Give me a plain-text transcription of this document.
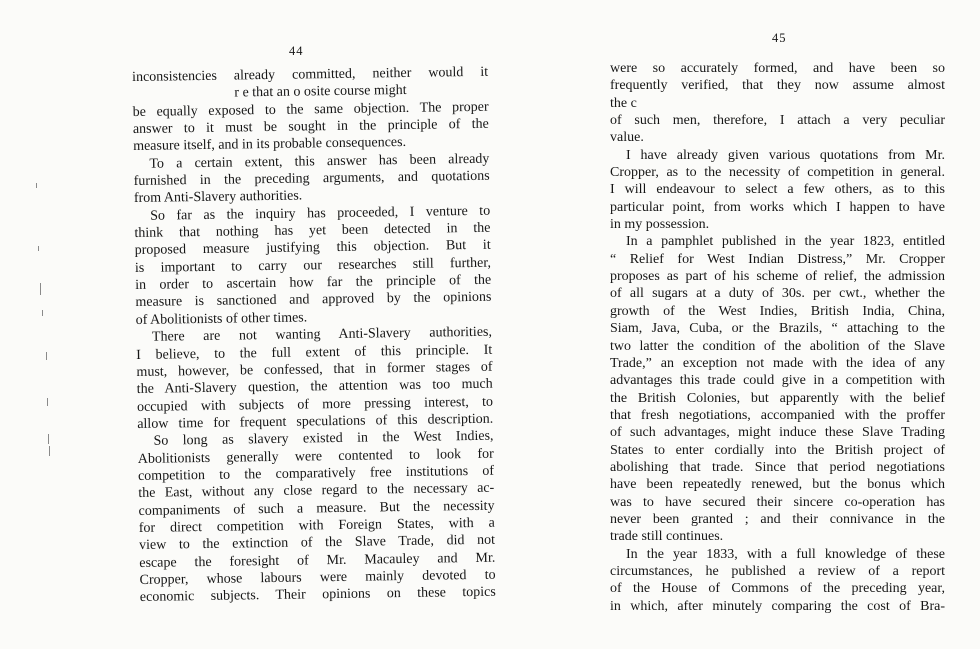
44
inconsistencies already committed, neither would it
r e that an o osite course might
be equally exposed to the same objection. The proper
answer to it must be sought in the principle of the
measure itself, and in its probable consequences.
To a certain extent, this answer has been already
furnished in the preceding arguments, and quotations
from Anti-Slavery authorities.
So far as the inquiry has proceeded, I venture to
think that nothing has yet been detected in the
proposed measure justifying this objection. But it
is important to carry our researches still further,
in order to ascertain how far the principle of the
measure is sanctioned and approved by the opinions
of Abolitionists of other times.
There are not wanting Anti-Slavery authorities,
I believe, to the full extent of this principle. It
must, however, be confessed, that in former stages of
the Anti-Slavery question, the attention was too much
occupied with subjects of more pressing interest, to
allow time for frequent speculations of this description.
So long as slavery existed in the West Indies,
Abolitionists generally were contented to look for
competition to the comparatively free institutions of
the East, without any close regard to the necessary ac-
companiments of such a measure. But the necessity
for direct competition with Foreign States, with a
view to the extinction of the Slave Trade, did not
escape the foresight of Mr. Macauley and Mr.
Cropper, whose labours were mainly devoted to
economic subjects. Their opinions on these topics
45
were so accurately formed, and have been so
frequently verified, that they now assume almost
the c
of such men, therefore, I attach a very peculiar
value.
I have already given various quotations from Mr.
Cropper, as to the necessity of competition in general.
I will endeavour to select a few others, as to this
particular point, from works which I happen to have
in my possession.
In a pamphlet published in the year 1823, entitled
“ Relief for West Indian Distress,” Mr. Cropper
proposes as part of his scheme of relief, the admission
of all sugars at a duty of 30s. per cwt., whether the
growth of the West Indies, British India, China,
Siam, Java, Cuba, or the Brazils, “ attaching to the
two latter the condition of the abolition of the Slave
Trade,” an exception not made with the idea of any
advantages this trade could give in a competition with
the British Colonies, but apparently with the belief
that fresh negotiations, accompanied with the proffer
of such advantages, might induce these Slave Trading
States to enter cordially into the British project of
abolishing that trade. Since that period negotiations
have been repeatedly renewed, but the bonus which
was to have secured their sincere co-operation has
never been granted ; and their connivance in the
trade still continues.
In the year 1833, with a full knowledge of these
circumstances, he published a review of a report
of the House of Commons of the preceding year,
in which, after minutely comparing the cost of Bra-
